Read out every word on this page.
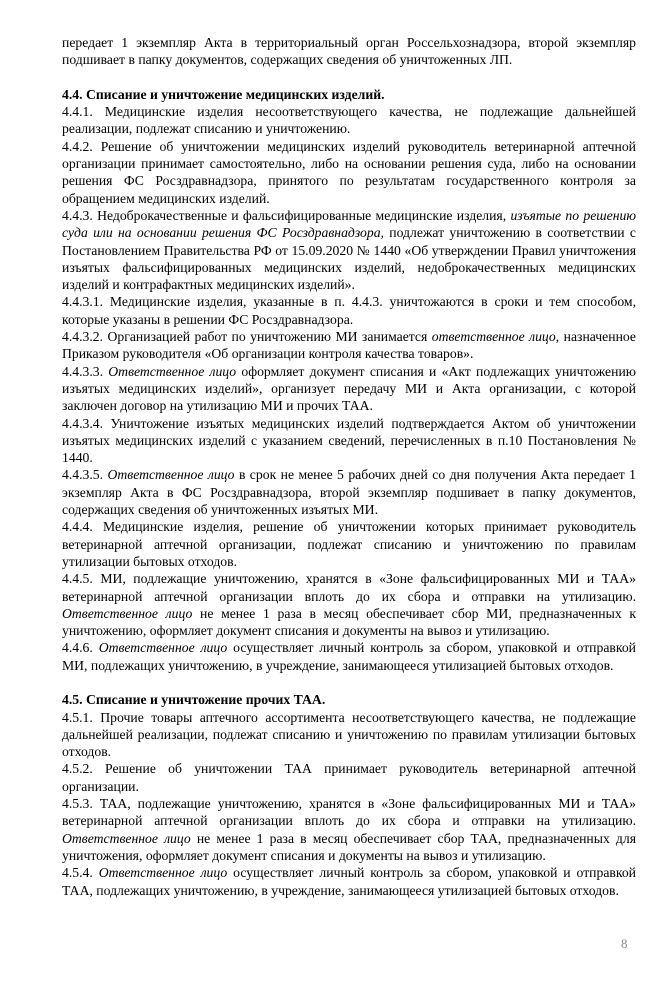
передает 1 экземпляр Акта в территориальный орган Россельхознадзора, второй экземпляр подшивает в папку документов, содержащих сведения об уничтоженных ЛП.

4.4. Списание и уничтожение медицинских изделий.

4.4.1. Медицинские изделия несоответствующего качества, не подлежащие дальнейшей реализации, подлежат списанию и уничтожению.

4.4.2. Решение об уничтожении медицинских изделий руководитель ветеринарной аптечной организации принимает самостоятельно, либо на основании решения суда, либо на основании решения ФС Росздравнадзора, принятого по результатам государственного контроля за обращением медицинских изделий.

4.4.3. Недоброкачественные и фальсифицированные медицинские изделия, изъятые по решению суда или на основании решения ФС Росздравнадзора, подлежат уничтожению в соответствии с Постановлением Правительства РФ от 15.09.2020 № 1440 «Об утверждении Правил уничтожения изъятых фальсифицированных медицинских изделий, недоброкачественных медицинских изделий и контрафактных медицинских изделий».

4.4.3.1. Медицинские изделия, указанные в п. 4.4.3. уничтожаются в сроки и тем способом, которые указаны в решении ФС Росздравнадзора.

4.4.3.2. Организацией работ по уничтожению МИ занимается ответственное лицо, назначенное Приказом руководителя «Об организации контроля качества товаров».

4.4.3.3. Ответственное лицо оформляет документ списания и «Акт подлежащих уничтожению изъятых медицинских изделий», организует передачу МИ и Акта организации, с которой заключен договор на утилизацию МИ и прочих ТАА.

4.4.3.4. Уничтожение изъятых медицинских изделий подтверждается Актом об уничтожении изъятых медицинских изделий с указанием сведений, перечисленных в п.10 Постановления № 1440.

4.4.3.5. Ответственное лицо в срок не менее 5 рабочих дней со дня получения Акта передает 1 экземпляр Акта в ФС Росздравнадзора, второй экземпляр подшивает в папку документов, содержащих сведения об уничтоженных изъятых МИ.

4.4.4. Медицинские изделия, решение об уничтожении которых принимает руководитель ветеринарной аптечной организации, подлежат списанию и уничтожению по правилам утилизации бытовых отходов.

4.4.5. МИ, подлежащие уничтожению, хранятся в «Зоне фальсифицированных МИ и ТАА» ветеринарной аптечной организации вплоть до их сбора и отправки на утилизацию. Ответственное лицо не менее 1 раза в месяц обеспечивает сбор МИ, предназначенных к уничтожению, оформляет документ списания и документы на вывоз и утилизацию.

4.4.6. Ответственное лицо осуществляет личный контроль за сбором, упаковкой и отправкой МИ, подлежащих уничтожению, в учреждение, занимающееся утилизацией бытовых отходов.

4.5. Списание и уничтожение прочих ТАА.

4.5.1. Прочие товары аптечного ассортимента несоответствующего качества, не подлежащие дальнейшей реализации, подлежат списанию и уничтожению по правилам утилизации бытовых отходов.

4.5.2. Решение об уничтожении ТАА принимает руководитель ветеринарной аптечной организации.

4.5.3. ТАА, подлежащие уничтожению, хранятся в «Зоне фальсифицированных МИ и ТАА» ветеринарной аптечной организации вплоть до их сбора и отправки на утилизацию. Ответственное лицо не менее 1 раза в месяц обеспечивает сбор ТАА, предназначенных для уничтожения, оформляет документ списания и документы на вывоз и утилизацию.

4.5.4. Ответственное лицо осуществляет личный контроль за сбором, упаковкой и отправкой ТАА, подлежащих уничтожению, в учреждение, занимающееся утилизацией бытовых отходов.

8
